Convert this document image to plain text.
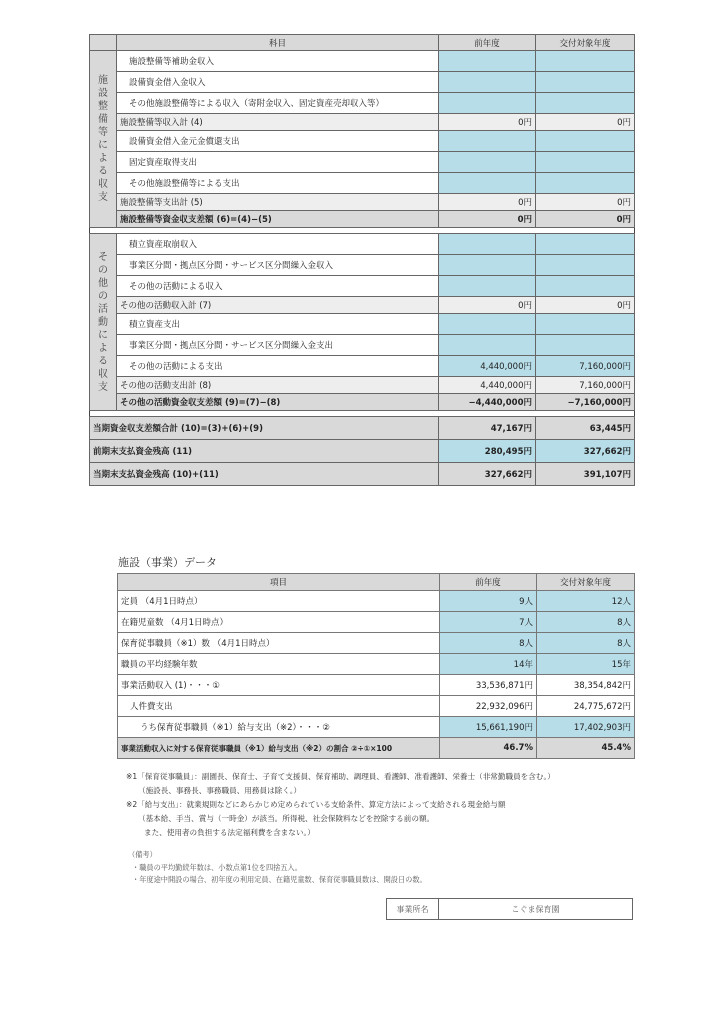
	科目	前年度	交付対象年度
施設整備等による収支	施設整備等補助金収入		
	設備資金借入金収入		
	その他施設整備等による収入（寄附金収入、固定資産売却収入等）		
	施設整備等収入計 (4)	0円	0円
	設備資金借入金元金償還支出		
	固定資産取得支出		
	その他施設整備等による支出		
	施設整備等支出計 (5)	0円	0円
	施設整備等資金収支差額 (6)=(4)−(5)	0円	0円

その他の活動による収支	積立資産取崩収入		
	事業区分間・拠点区分間・サービス区分間繰入金収入		
	その他の活動による収入		
	その他の活動収入計 (7)	0円	0円
	積立資産支出		
	事業区分間・拠点区分間・サービス区分間繰入金支出		
	その他の活動による支出	4,440,000円	7,160,000円
	その他の活動支出計 (8)	4,440,000円	7,160,000円
	その他の活動資金収支差額 (9)=(7)−(8)	−4,440,000円	−7,160,000円

当期資金収支差額合計 (10)=(3)+(6)+(9)		47,167円	63,445円
前期末支払資金残高 (11)		280,495円	327,662円
当期末支払資金残高 (10)+(11)		327,662円	391,107円
施設（事業）データ
項目	前年度	交付対象年度
定員 （4月1日時点）	9人	12人
在籍児童数 （4月1日時点）	7人	8人
保育従事職員（※1）数 （4月1日時点）	8人	8人
職員の平均経験年数	14年	15年
事業活動収入 (1)・・・①	33,536,871円	38,354,842円
人件費支出	22,932,096円	24,775,672円
うち保育従事職員（※1）給与支出（※2）・・・②	15,661,190円	17,402,903円
事業活動収入に対する保育従事職員（※1）給与支出（※2）の割合 ②÷①×100	46.7%	45.4%
※1「保育従事職員」：副園長、保育士、子育て支援員、保育補助、調理員、看護師、准看護師、栄養士（非常勤職員を含む。）
（施設長、事務長、事務職員、用務員は除く。）
※2「給与支出」：就業規則などにあらかじめ定められている支給条件、算定方法によって支給される現金給与額
（基本給、手当、賞与（一時金）が該当。所得税、社会保険料などを控除する前の額。
また、使用者の負担する法定福利費を含まない。）
（備考）
・職員の平均勤続年数は、小数点第1位を四捨五入。
・年度途中開設の場合、初年度の利用定員、在籍児童数、保育従事職員数は、開設日の数。
事業所名	こぐま保育園
